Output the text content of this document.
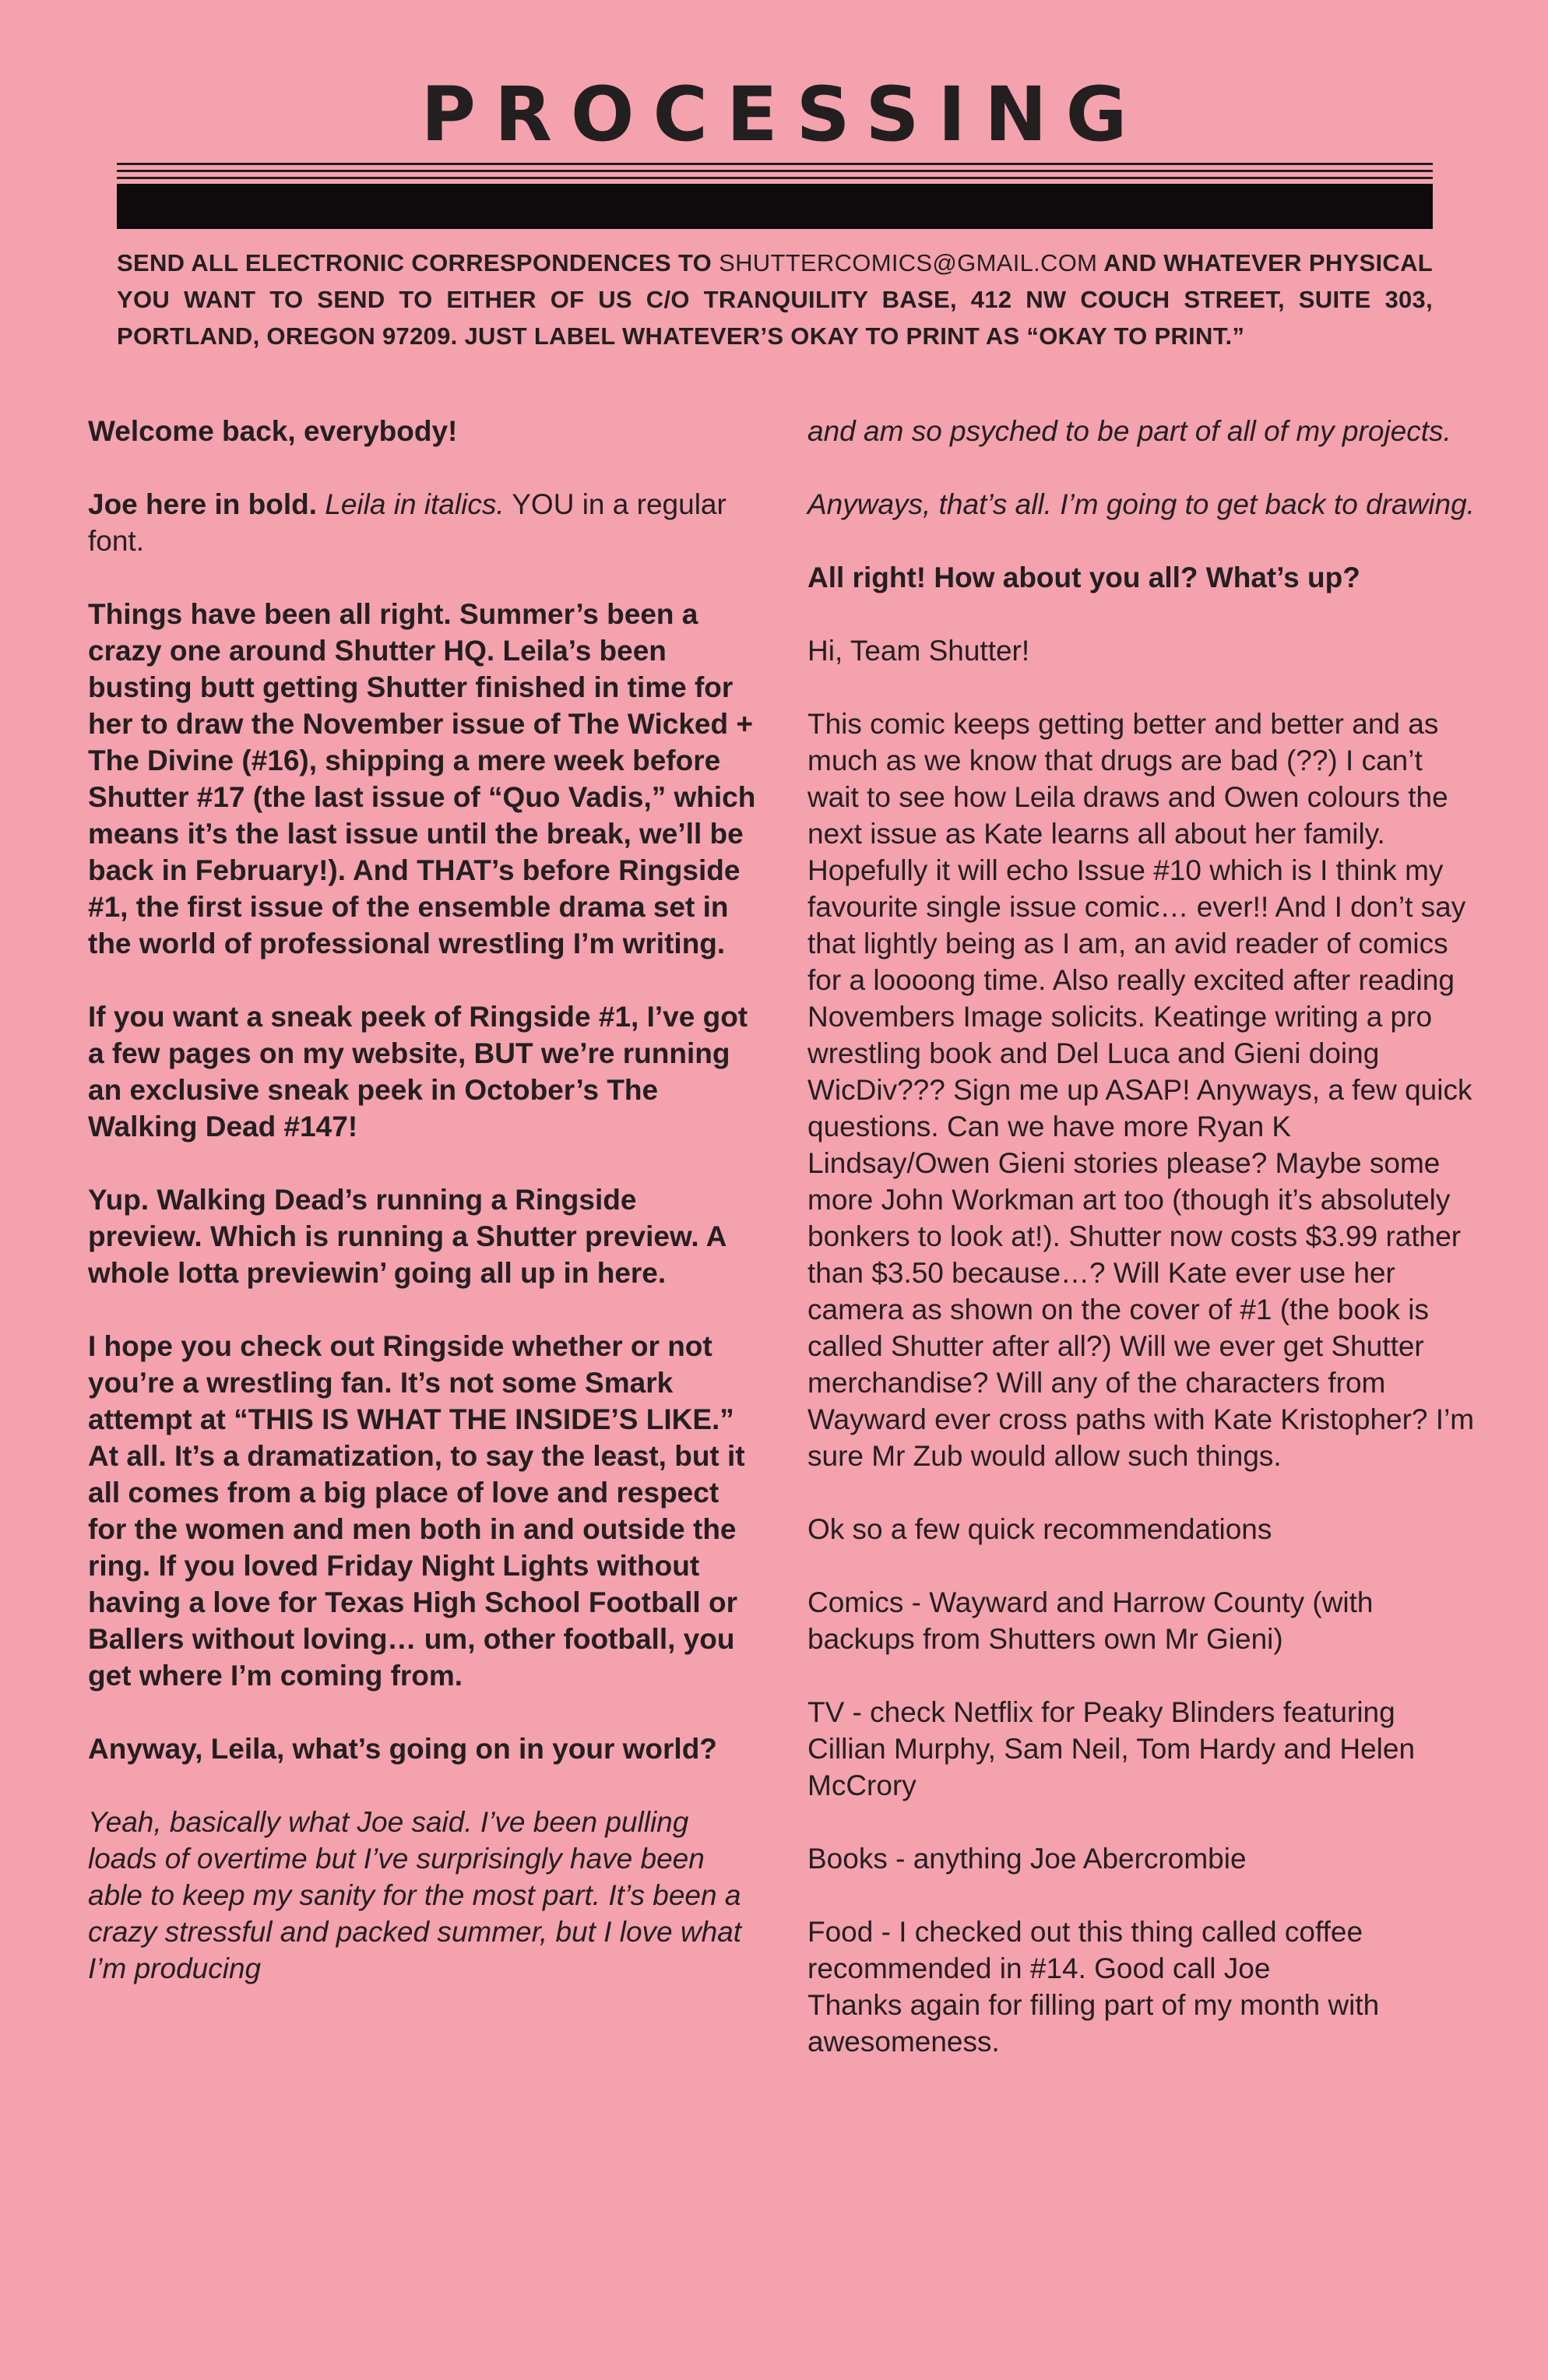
PROCESSING

SEND ALL ELECTRONIC CORRESPONDENCES TO SHUTTERCOMICS@GMAIL.COM AND WHATEVER PHYSICAL YOU WANT TO SEND TO EITHER OF US C/O TRANQUILITY BASE, 412 NW COUCH STREET, SUITE 303, PORTLAND, OREGON 97209. JUST LABEL WHATEVER’S OKAY TO PRINT AS “OKAY TO PRINT.”

Welcome back, everybody!

Joe here in bold. Leila in italics. YOU in a regular font.

Things have been all right. Summer’s been a crazy one around Shutter HQ. Leila’s been busting butt getting Shutter finished in time for her to draw the November issue of The Wicked + The Divine (#16), shipping a mere week before Shutter #17 (the last issue of “Quo Vadis,” which means it’s the last issue until the break, we’ll be back in February!). And THAT’s before Ringside #1, the first issue of the ensemble drama set in the world of professional wrestling I’m writing.

If you want a sneak peek of Ringside #1, I’ve got a few pages on my website, BUT we’re running an exclusive sneak peek in October’s The Walking Dead #147!

Yup. Walking Dead’s running a Ringside preview. Which is running a Shutter preview. A whole lotta previewin’ going all up in here.

I hope you check out Ringside whether or not you’re a wrestling fan. It’s not some Smark attempt at “THIS IS WHAT THE INSIDE’S LIKE.” At all. It’s a dramatization, to say the least, but it all comes from a big place of love and respect for the women and men both in and outside the ring. If you loved Friday Night Lights without having a love for Texas High School Football or Ballers without loving… um, other football, you get where I’m coming from.

Anyway, Leila, what’s going on in your world?

Yeah, basically what Joe said. I’ve been pulling loads of overtime but I’ve surprisingly have been able to keep my sanity for the most part. It’s been a crazy stressful and packed summer, but I love what I’m producing

and am so psyched to be part of all of my projects.

Anyways, that’s all. I’m going to get back to drawing.

All right! How about you all? What’s up?

Hi, Team Shutter!

This comic keeps getting better and better and as much as we know that drugs are bad (??) I can’t wait to see how Leila draws and Owen colours the next issue as Kate learns all about her family. Hopefully it will echo Issue #10 which is I think my favourite single issue comic… ever!! And I don’t say that lightly being as I am, an avid reader of comics for a loooong time. Also really excited after reading Novembers Image solicits. Keatinge writing a pro wrestling book and Del Luca and Gieni doing WicDiv??? Sign me up ASAP! Anyways, a few quick questions. Can we have more Ryan K Lindsay/Owen Gieni stories please? Maybe some more John Workman art too (though it’s absolutely bonkers to look at!). Shutter now costs $3.99 rather than $3.50 because…? Will Kate ever use her camera as shown on the cover of #1 (the book is called Shutter after all?) Will we ever get Shutter merchandise? Will any of the characters from Wayward ever cross paths with Kate Kristopher? I’m sure Mr Zub would allow such things.

Ok so a few quick recommendations

Comics - Wayward and Harrow County (with backups from Shutters own Mr Gieni)

TV - check Netflix for Peaky Blinders featuring Cillian Murphy, Sam Neil, Tom Hardy and Helen McCrory

Books - anything Joe Abercrombie

Food - I checked out this thing called coffee recommended in #14. Good call Joe

Thanks again for filling part of my month with awesomeness.
